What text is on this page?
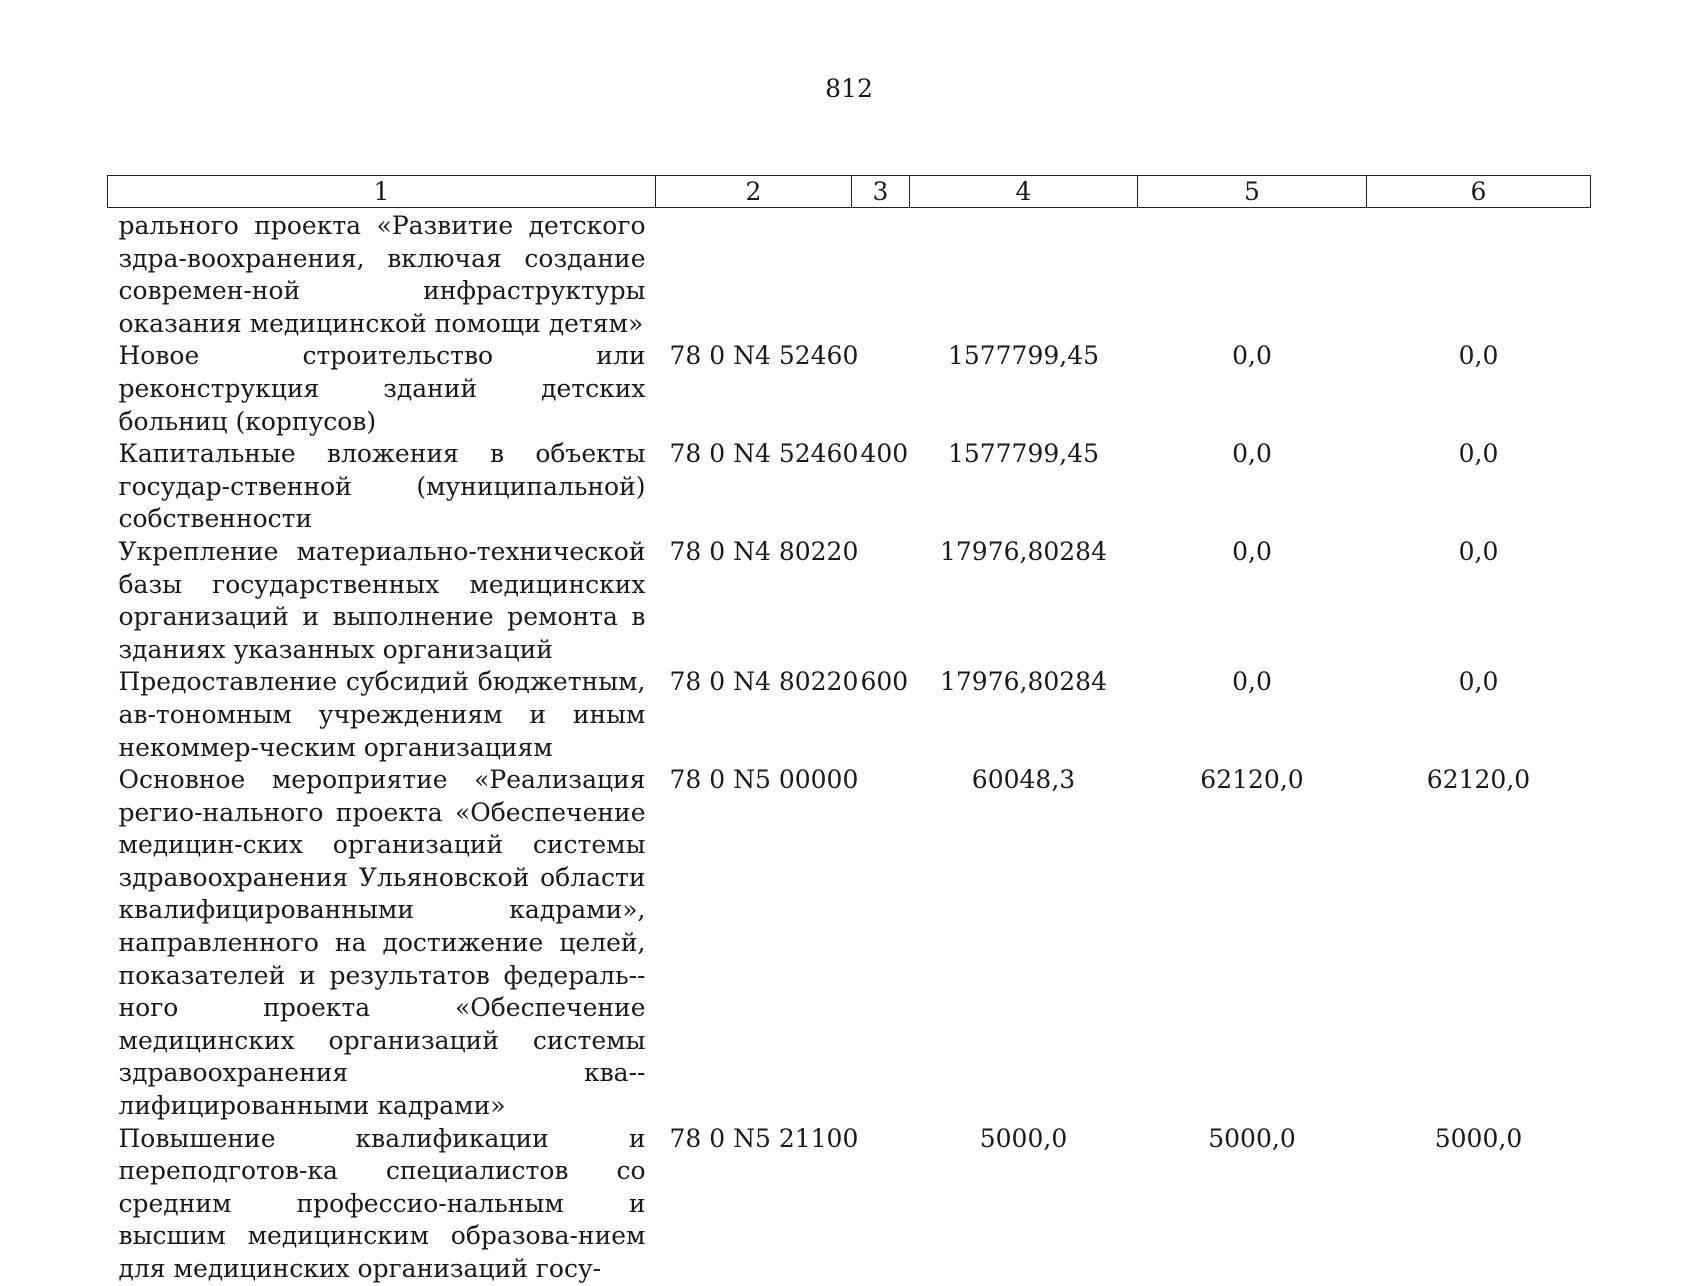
812
1	2	3	4	5	6
рального проекта «Развитие детского здра-воохранения, включая создание современ-ной инфраструктуры оказания медицинской помощи детям»					
Новое строительство или реконструкция зданий детских больниц (корпусов)	78 0 N4 52460		1577799,45	0,0	0,0
Капитальные вложения в объекты государ-ственной (муниципальной) собственности	78 0 N4 52460	400	1577799,45	0,0	0,0
Укрепление материально-технической базы государственных медицинских организаций и выполнение ремонта в зданиях указанных организаций	78 0 N4 80220		17976,80284	0,0	0,0
Предоставление субсидий бюджетным, ав-тономным учреждениям и иным некоммер-ческим организациям	78 0 N4 80220	600	17976,80284	0,0	0,0
Основное мероприятие «Реализация регио-нального проекта «Обеспечение медицин-ских организаций системы здравоохранения Ульяновской области квалифицированными кадрами», направленного на достижение целей, показателей и результатов федераль-ного проекта «Обеспечение медицинских организаций системы здравоохранения ква-лифицированными кадрами»	78 0 N5 00000		60048,3	62120,0	62120,0
Повышение квалификации и переподготов-ка специалистов со средним профессио-нальным и высшим медицинским образова-нием для медицинских организаций госу-	78 0 N5 21100		5000,0	5000,0	5000,0
